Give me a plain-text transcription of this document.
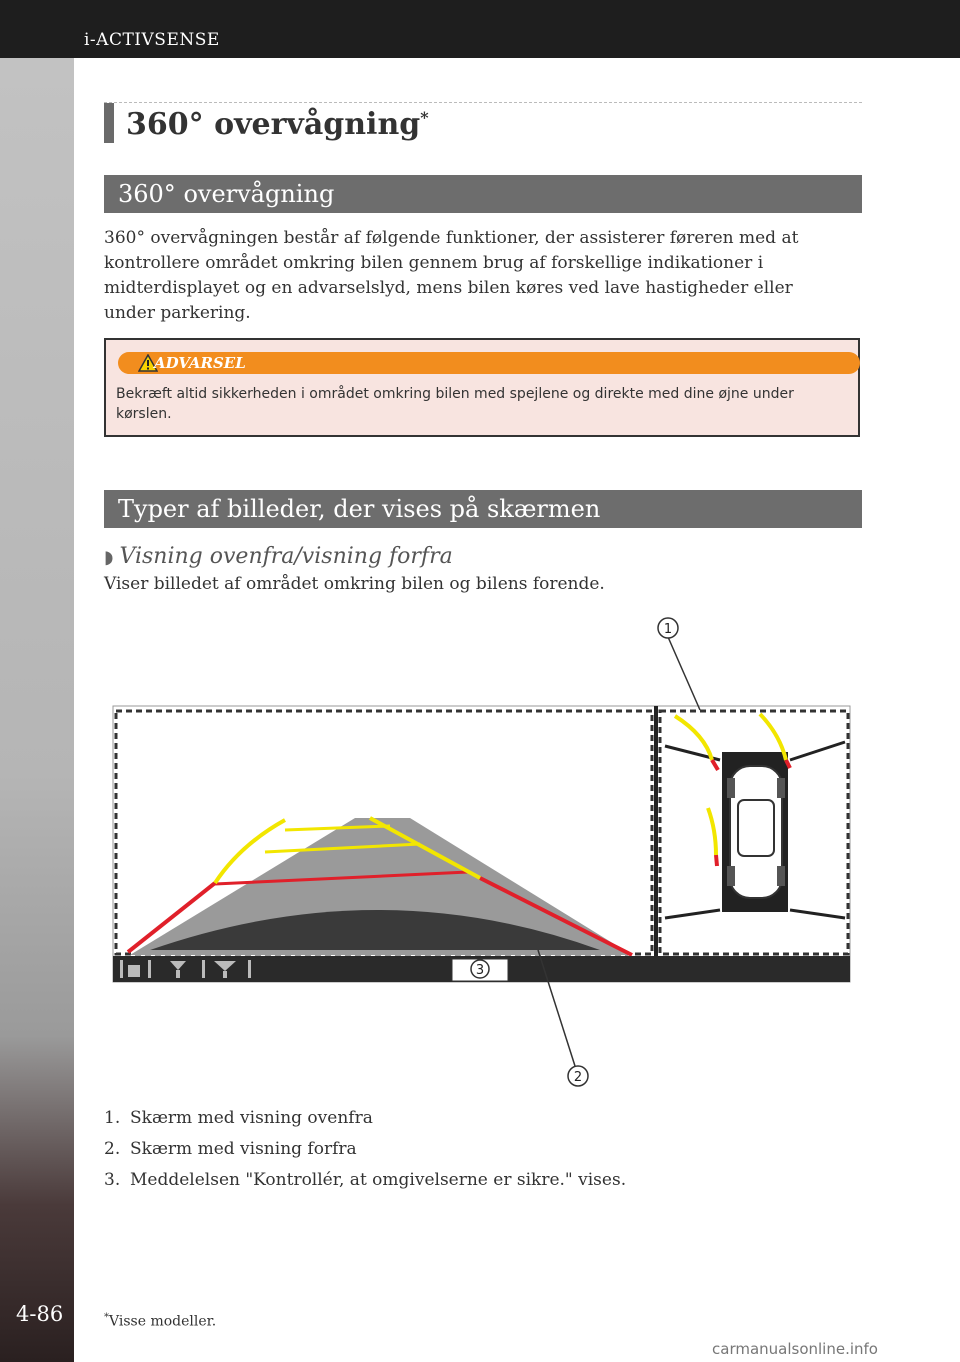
i-ACTIVSENSE
4-86
360° overvågning*
360° overvågning
360° overvågningen består af følgende funktioner, der assisterer føreren med at kontrollere området omkring bilen gennem brug af forskellige indikationer i midterdisplayet og en advarselslyd, mens bilen køres ved lave hastigheder eller under parkering.
ADVARSEL
Bekræft altid sikkerheden i området omkring bilen med spejlene og direkte med dine øjne under kørslen.
Typer af billeder, der vises på skærmen
◗ Visning ovenfra/visning forfra
Viser billedet af området omkring bilen og bilens forende.
3
1
2
1. Skærm med visning ovenfra
2. Skærm med visning forfra
3. Meddelelsen "Kontrollér, at omgivelserne er sikre." vises.
*Visse modeller.
carmanualsonline.info
